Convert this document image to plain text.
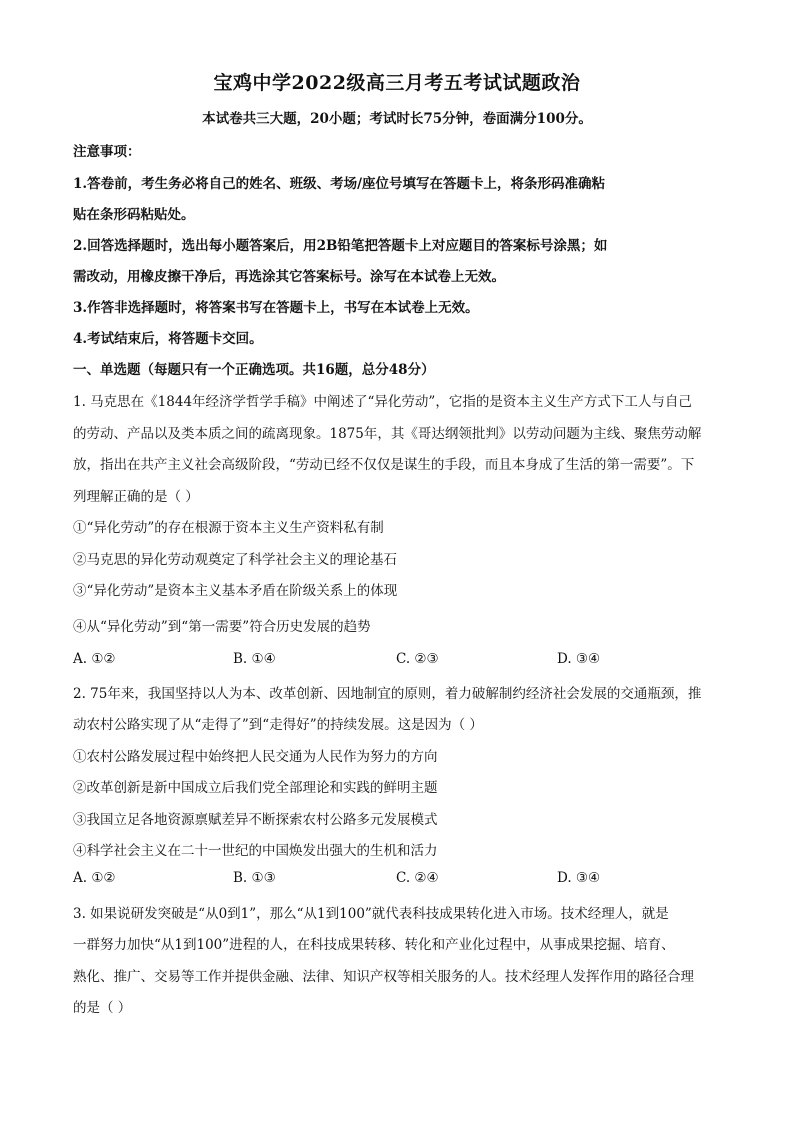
宝鸡中学2022级高三月考五考试试题政治
本试卷共三大题，20小题；考试时长75分钟，卷面满分100分。
注意事项：
1.答卷前，考生务必将自己的姓名、班级、考场/座位号填写在答题卡上，将条形码准确粘
贴在条形码粘贴处。
2.回答选择题时，选出每小题答案后，用2B铅笔把答题卡上对应题目的答案标号涂黑；如
需改动，用橡皮擦干净后，再选涂其它答案标号。涂写在本试卷上无效。
3.作答非选择题时，将答案书写在答题卡上，书写在本试卷上无效。
4.考试结束后，将答题卡交回。
一、单选题（每题只有一个正确选项。共16题，总分48分）
1. 马克思在《1844年经济学哲学手稿》中阐述了“异化劳动”，它指的是资本主义生产方式下工人与自己
的劳动、产品以及类本质之间的疏离现象。1875年，其《哥达纲领批判》以劳动问题为主线、聚焦劳动解
放，指出在共产主义社会高级阶段，“劳动已经不仅仅是谋生的手段，而且本身成了生活的第一需要”。下
列理解正确的是（ ）
①“异化劳动”的存在根源于资本主义生产资料私有制
②马克思的异化劳动观奠定了科学社会主义的理论基石
③“异化劳动”是资本主义基本矛盾在阶级关系上的体现
④从“异化劳动”到“第一需要”符合历史发展的趋势
A. ①②	B. ①④	C. ②③	D. ③④
2. 75年来，我国坚持以人为本、改革创新、因地制宜的原则，着力破解制约经济社会发展的交通瓶颈，推
动农村公路实现了从“走得了”到“走得好”的持续发展。这是因为（ ）
①农村公路发展过程中始终把人民交通为人民作为努力的方向
②改革创新是新中国成立后我们党全部理论和实践的鲜明主题
③我国立足各地资源禀赋差异不断探索农村公路多元发展模式
④科学社会主义在二十一世纪的中国焕发出强大的生机和活力
A. ①②	B. ①③	C. ②④	D. ③④
3. 如果说研发突破是“从0到1”，那么“从1到100”就代表科技成果转化进入市场。技术经理人，就是
一群努力加快“从1到100”进程的人，在科技成果转移、转化和产业化过程中，从事成果挖掘、培育、
熟化、推广、交易等工作并提供金融、法律、知识产权等相关服务的人。技术经理人发挥作用的路径合理
的是（ ）
